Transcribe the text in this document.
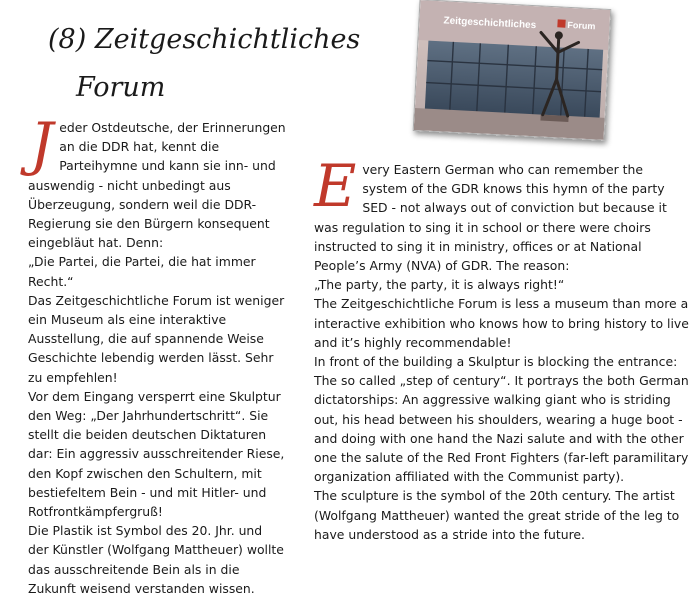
(8) Zeitgeschichtliches
Forum
Zeitgeschichtliches	Forum
J eder Ostdeutsche, der Erinnerungen an die DDR hat, kennt die Parteihymne und kann sie inn- und auswendig - nicht unbedingt aus Überzeugung, sondern weil die DDR-Regierung sie den Bürgern konsequent eingebläut hat. Denn:

„Die Partei, die Partei, die hat immer Recht.“

Das Zeitgeschichtliche Forum ist weniger ein Museum als eine interaktive Ausstellung, die auf spannende Weise Geschichte lebendig werden lässt. Sehr zu empfehlen!

Vor dem Eingang versperrt eine Skulptur den Weg: „Der Jahrhundertschritt“. Sie stellt die beiden deutschen Diktaturen dar: Ein aggressiv ausschreitender Riese, den Kopf zwischen den Schultern, mit bestiefeltem Bein - und mit Hitler- und Rotfrontkämpfergruß!

Die Plastik ist Symbol des 20. Jhr. und der Künstler (Wolfgang Mattheuer) wollte das ausschreitende Bein als in die Zukunft weisend verstanden wissen.

E very Eastern German who can remember the system of the GDR knows this hymn of the party SED - not always out of conviction but because it was regulation to sing it in school or there were choirs instructed to sing it in ministry, offices or at National People’s Army (NVA) of GDR. The reason:

„The party, the party, it is always right!“

The Zeitgeschichtliche Forum is less a museum than more a interactive exhibition who knows how to bring history to live and it’s highly recommendable!

In front of the building a Skulptur is blocking the entrance: The so called „step of century“. It portrays the both German dictatorships: An aggressive walking giant who is striding out, his head between his shoulders, wearing a huge boot - and doing with one hand the Nazi salute and with the other one the salute of the Red Front Fighters (far-left paramilitary organization affiliated with the Communist party).

The sculpture is the symbol of the 20th century. The artist (Wolfgang Mattheuer) wanted the great stride of the leg to have understood as a stride into the future.
